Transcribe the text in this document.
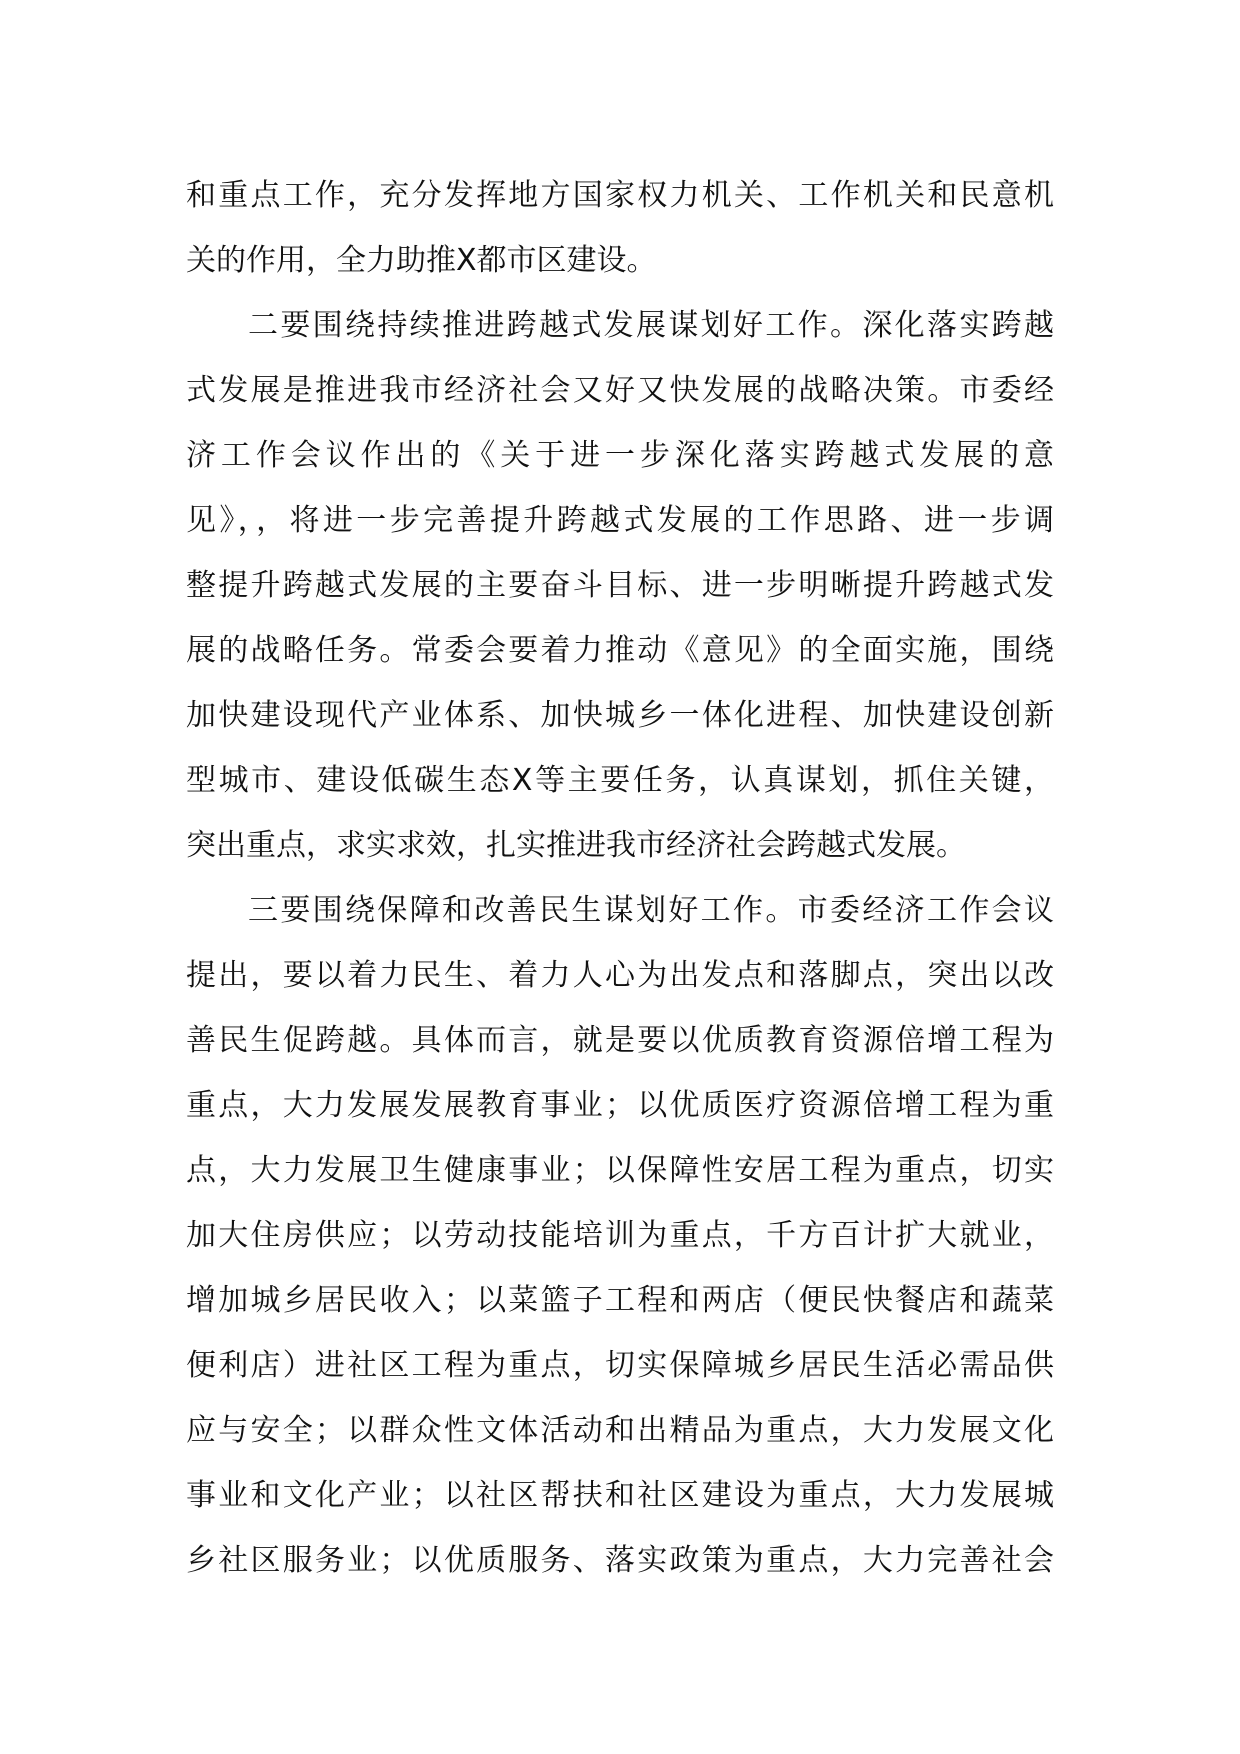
和重点工作，充分发挥地方国家权力机关、工作机关和民意机
关的作用，全力助推X都市区建设。
二要围绕持续推进跨越式发展谋划好工作。深化落实跨越
式发展是推进我市经济社会又好又快发展的战略决策。市委经
济工作会议作出的《关于进一步深化落实跨越式发展的意
见》，，将进一步完善提升跨越式发展的工作思路、进一步调
整提升跨越式发展的主要奋斗目标、进一步明晰提升跨越式发
展的战略任务。常委会要着力推动《意见》的全面实施，围绕
加快建设现代产业体系、加快城乡一体化进程、加快建设创新
型城市、建设低碳生态X等主要任务，认真谋划，抓住关键，
突出重点，求实求效，扎实推进我市经济社会跨越式发展。
三要围绕保障和改善民生谋划好工作。市委经济工作会议
提出，要以着力民生、着力人心为出发点和落脚点，突出以改
善民生促跨越。具体而言，就是要以优质教育资源倍增工程为
重点，大力发展发展教育事业；以优质医疗资源倍增工程为重
点，大力发展卫生健康事业；以保障性安居工程为重点，切实
加大住房供应；以劳动技能培训为重点，千方百计扩大就业，
增加城乡居民收入；以菜篮子工程和两店（便民快餐店和蔬菜
便利店）进社区工程为重点，切实保障城乡居民生活必需品供
应与安全；以群众性文体活动和出精品为重点，大力发展文化
事业和文化产业；以社区帮扶和社区建设为重点，大力发展城
乡社区服务业；以优质服务、落实政策为重点，大力完善社会
